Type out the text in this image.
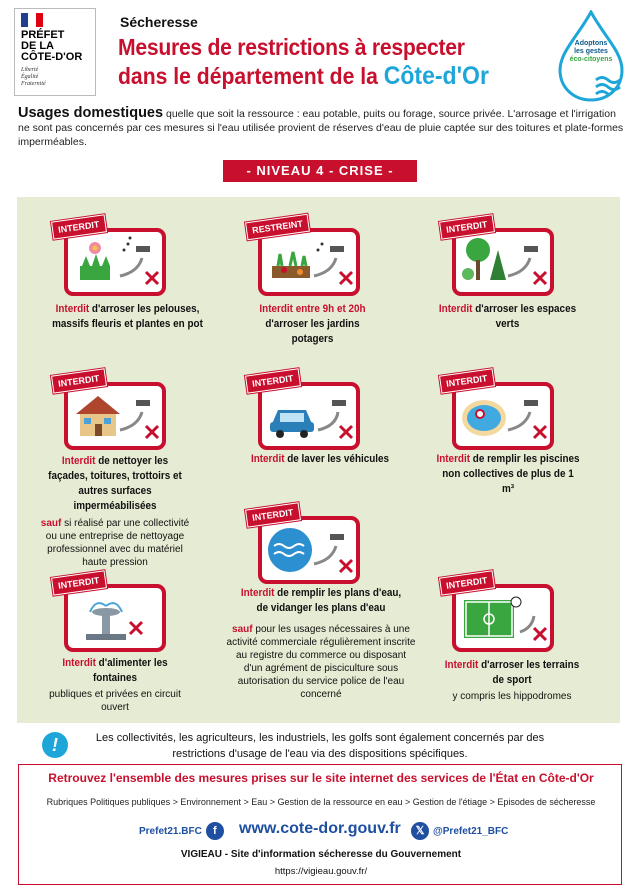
PRÉFET
DE LA
CÔTE-D'OR
Liberté
Égalité
Fraternité
Sécheresse
Mesures de restrictions à respecter
dans le département de la Côte-d'Or
Adoptons
les gestes
éco-citoyens
Usages domestiques quelle que soit la ressource : eau potable, puits ou forage, source privée. L'arrosage et l'irrigation ne sont pas concernés par ces mesures si l'eau utilisée provient de réserves d'eau de pluie captée sur des toitures et plate-formes imperméables.
- NIVEAU 4 - CRISE -
INTERDIT
Interdit d'arroser les pelouses, massifs fleuris et plantes en pot
RESTREINT
Interdit entre 9h et 20h d'arroser les jardins potagers
INTERDIT
Interdit d'arroser les espaces verts
INTERDIT
Interdit de nettoyer les façades, toitures, trottoirs et autres surfaces imperméabilisées
sauf si réalisé par une collectivité ou une entreprise de nettoyage professionnel avec du matériel haute pression
INTERDIT
Interdit de laver les véhicules
INTERDIT
Interdit de remplir les piscines non collectives de plus de 1 m³
INTERDIT
Interdit d'alimenter les fontaines
publiques et privées en circuit ouvert
INTERDIT
Interdit de remplir les plans d'eau, de vidanger les plans d'eau
sauf pour les usages nécessaires à une activité commerciale régulièrement inscrite au registre du commerce ou disposant d'un agrément de pisciculture sous autorisation du service police de l'eau concerné
INTERDIT
Interdit d'arroser les terrains de sport
y compris les hippodromes
!	Les collectivités, les agriculteurs, les industriels, les golfs sont également concernés par des restrictions d'usage de l'eau via des dispositions spécifiques.
Retrouvez l'ensemble des mesures prises sur le site internet des services de l'État en Côte-d'Or
Rubriques Politiques publiques > Environnement > Eau > Gestion de la ressource en eau > Gestion de l'étiage > Episodes de sécheresse
Prefet21.BFC f	www.cote-dor.gouv.fr	𝕏 @Prefet21_BFC
VIGIEAU - Site d'information sécheresse du Gouvernement
https://vigieau.gouv.fr/
